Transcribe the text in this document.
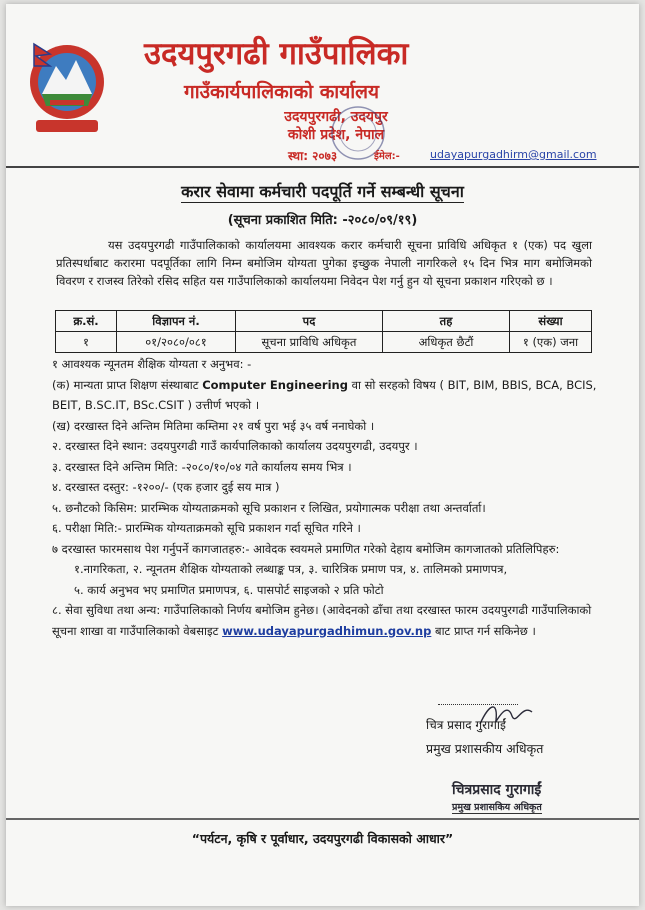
उदयपुरगढी गाउँपालिका
गाउँकार्यपालिकाको कार्यालय
उदयपुरगढी, उदयपुर
कोशी प्रदेश, नेपाल
स्था: २०७३	ईमेल:-	udayapurgadhirm@gmail.com
करार सेवामा कर्मचारी पदपूर्ति गर्ने सम्बन्धी सूचना
(सूचना प्रकाशित मिति: -२०८०/०९/१९)
यस उदयपुरगढी गाउँपालिकाको कार्यालयमा आवश्यक करार कर्मचारी सूचना प्राविधि अधिकृत १ (एक) पद खुला प्रतिस्पर्धाबाट करारमा पदपूर्तिका लागि निम्न बमोजिम योग्यता पुगेका इच्छुक नेपाली नागरिकले १५ दिन भित्र माग बमोजिमको विवरण र राजस्व तिरेको रसिद सहित यस गाउँपालिकाको कार्यालयमा निवेदन पेश गर्नु हुन यो सूचना प्रकाशन गरिएको छ ।
क्र.सं.	विज्ञापन नं.	पद	तह	संख्या
१	०१/२०८०/०८१	सूचना प्राविधि अधिकृत	अधिकृत छैटौं	१ (एक) जना

१ आवश्यक न्यूनतम शैक्षिक योग्यता र अनुभव: -

(क) मान्यता प्राप्त शिक्षण संस्थाबाट Computer Engineering वा सो सरहको विषय ( BIT, BIM, BBIS, BCA, BCIS, BEIT, B.SC.IT, BSc.CSIT ) उत्तीर्ण भएको ।

(ख) दरखास्त दिने अन्तिम मितिमा कम्तिमा २१ वर्ष पुरा भई ३५ वर्ष ननाघेको ।

२. दरखास्त दिने स्थान: उदयपुरगढी गाउँ कार्यपालिकाको कार्यालय उदयपुरगढी, उदयपुर ।

३. दरखास्त दिने अन्तिम मिति: -२०८०/१०/०४ गते कार्यालय समय भित्र ।

४. दरखास्त दस्तुर: -१२००/- (एक हजार दुई सय मात्र )

५. छनौटको किसिम: प्रारम्भिक योग्यताक्रमको सूचि प्रकाशन र लिखित, प्रयोगात्मक परीक्षा तथा अन्तर्वार्ता।

६. परीक्षा मिति:- प्रारम्भिक योग्यताक्रमको सूचि प्रकाशन गर्दा सूचित गरिने ।

७ दरखास्त फारमसाथ पेश गर्नुपर्ने कागजातहरु:- आवेदक स्वयमले प्रमाणित गरेको देहाय बमोजिम कागजातको प्रतिलिपिहरु:

१.नागरिकता, २. न्यूनतम शैक्षिक योग्यताको लब्धाङ्क पत्र, ३. चारित्रिक प्रमाण पत्र, ४. तालिमको प्रमाणपत्र,

५. कार्य अनुभव भए प्रमाणित प्रमाणपत्र, ६. पासपोर्ट साइजको २ प्रति फोटो

८. सेवा सुविधा तथा अन्य: गाउँपालिकाको निर्णय बमोजिम हुनेछ। (आवेदनको ढाँचा तथा दरखास्त फारम उदयपुरगढी गाउँपालिकाको सूचना शाखा वा गाउँपालिकाको वेबसाइट www.udayapurgadhimun.gov.np बाट प्राप्त गर्न सकिनेछ ।

चित्र प्रसाद गुरागाईं
प्रमुख प्रशासकीय अधिकृत
चित्रप्रसाद गुरागाईं
प्रमुख प्रशासकिय अधिकृत
“पर्यटन, कृषि र पूर्वाधार, उदयपुरगढी विकासको आधार”
